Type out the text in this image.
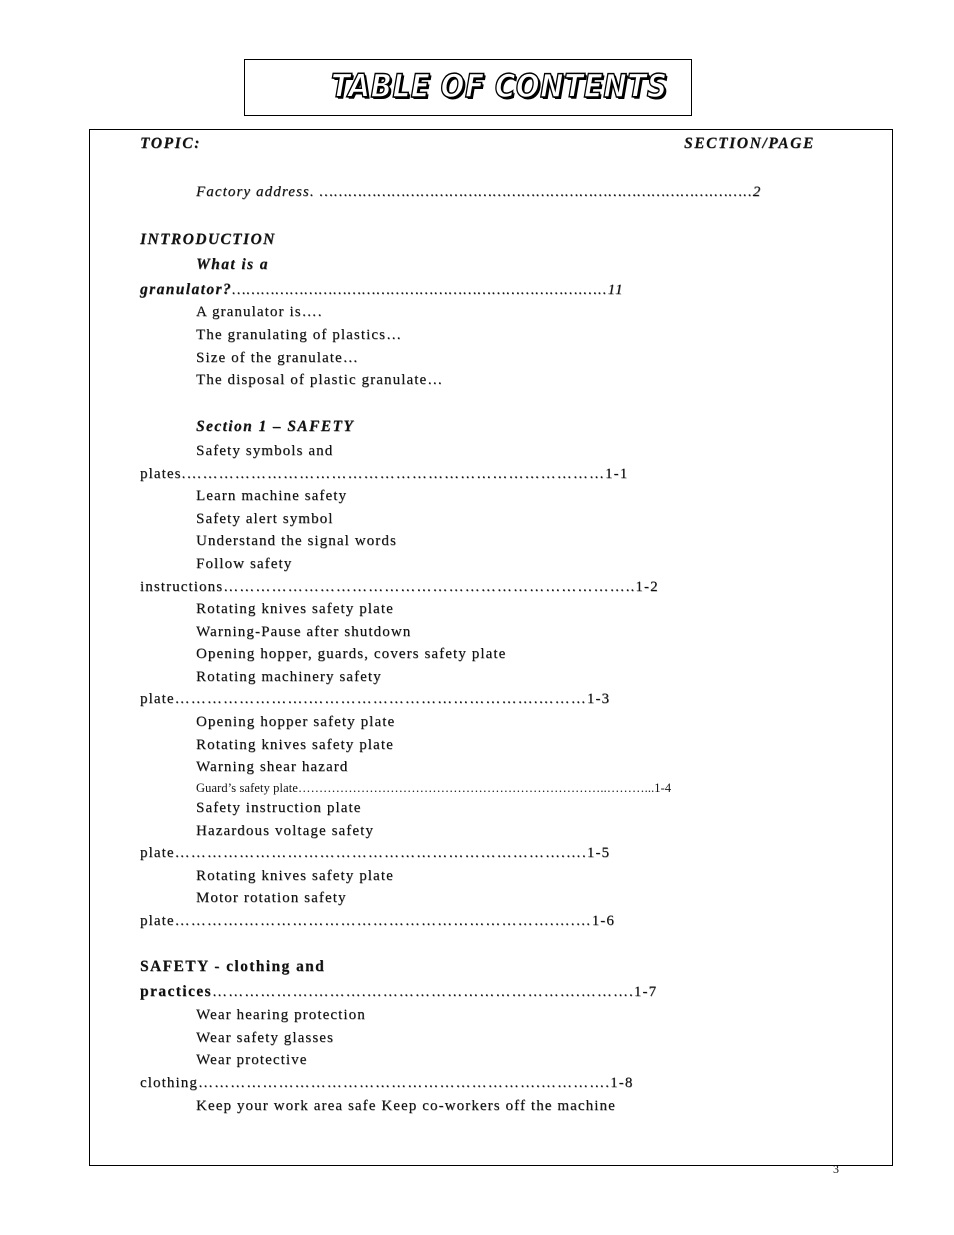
TABLE OF CONTENTS
TOPIC:	SECTION/PAGE
Factory address. ……………………………………………………………………….……..2
INTRODUCTION
What is a
granulator?……………………………………………………………….…..11
A granulator is….
The granulating of plastics…
Size of the granulate…
The disposal of plastic granulate…
Section 1 – SAFETY
Safety symbols and
plates.……………………………………………………………………1-1
Learn machine safety
Safety alert symbol
Understand the signal words
Follow safety
instructions…………………………………………………………………..1-2
Rotating knives safety plate
Warning-Pause after shutdown
Opening hopper, guards, covers safety plate
Rotating machinery safety
plate…………………….…………………………………….………1-3
Opening hopper safety plate
Rotating knives safety plate
Warning shear hazard
Guard’s safety plate………………………………………………………………..………...1-4
Safety instruction plate
Hazardous voltage safety
plate……………………………………………………………….….1-5
Rotating knives safety plate
Motor rotation safety
plate………….………………………………………………….….…1-6
SAFETY - clothing and
practices……………….……….………………………………….……….1-7
Wear hearing protection
Wear safety glasses
Wear protective
clothing……………………………………………………….………….1-8
Keep your work area safe Keep co-workers off the machine
3
